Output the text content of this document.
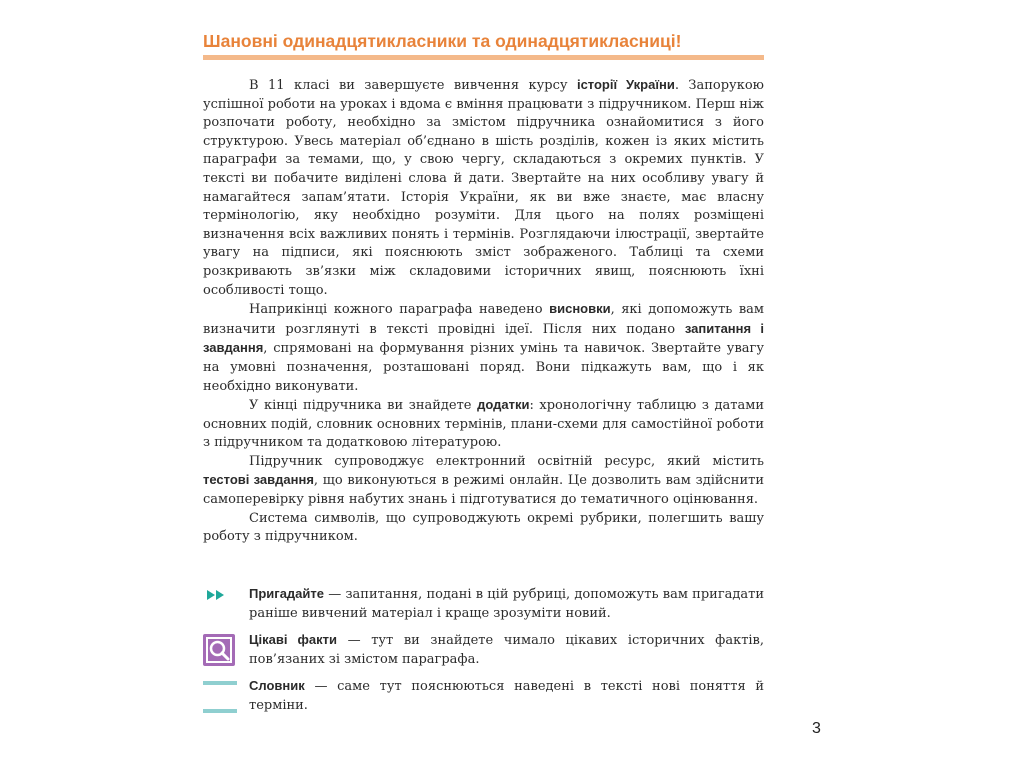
Шановні одинадцятикласники та одинадцятикласниці!

В 11 класі ви завершуєте вивчення курсу історії України. Запорукою успішної роботи на уроках і вдома є вміння працювати з підручником. Перш ніж розпочати роботу, необхідно за змістом підручника ознайомитися з його структурою. Увесь матеріал об’єднано в шість розділів, кожен із яких містить параграфи за темами, що, у свою чергу, складаються з окремих пунктів. У тексті ви побачите виділені слова й дати. Звертайте на них особливу увагу й намагайтеся запам’ятати. Історія України, як ви вже знаєте, має власну термінологію, яку необхідно розуміти. Для цього на полях розміщені визначення всіх важливих понять і термінів. Розглядаючи ілюстрації, звертайте увагу на підписи, які пояснюють зміст зображеного. Таблиці та схеми розкривають зв’язки між складовими історичних явищ, пояснюють їхні особливості тощо.

Наприкінці кожного параграфа наведено висновки, які допоможуть вам визначити розглянуті в тексті провідні ідеї. Після них подано запитання і завдання, спрямовані на формування різних умінь та навичок. Звертайте увагу на умовні позначення, розташовані поряд. Вони підкажуть вам, що і як необхідно виконувати.

У кінці підручника ви знайдете додатки: хронологічну таблицю з датами основних подій, словник основних термінів, плани-схеми для самостійної роботи з підручником та додатковою літературою.

Підручник супроводжує електронний освітній ресурс, який містить тестові завдання, що виконуються в режимі онлайн. Це дозволить вам здійснити самоперевірку рівня набутих знань і підготуватися до тематичного оцінювання.

Система символів, що супроводжують окремі рубрики, полегшить вашу роботу з підручником.

Пригадайте — запитання, подані в цій рубриці, допоможуть вам пригадати раніше вивчений матеріал і краще зрозуміти новий.
Цікаві факти — тут ви знайдете чимало цікавих історичних фактів, пов’язаних зі змістом параграфа.
Словник — саме тут пояснюються наведені в тексті нові поняття й терміни.
3
